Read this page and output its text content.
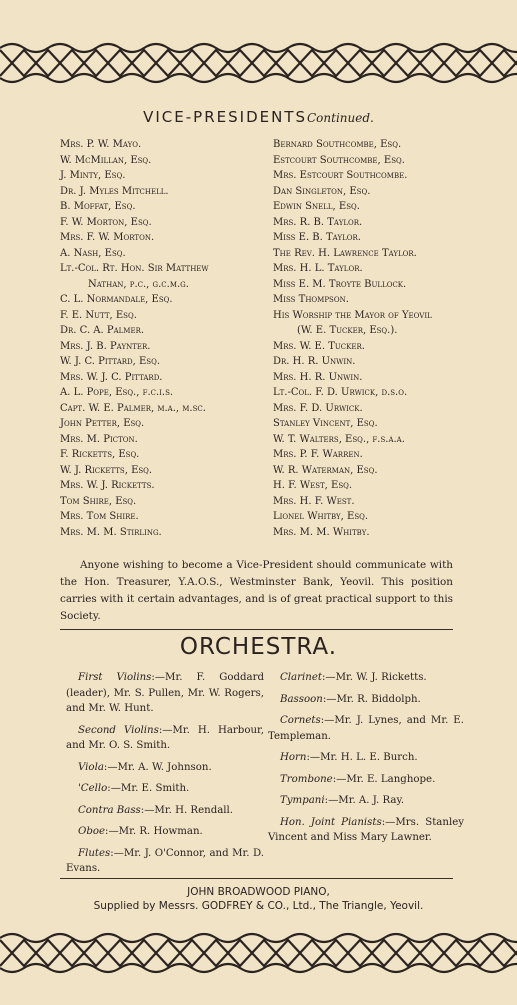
VICE-PRESIDENTSContinued.
Mrs. P. W. Mayo.
W. McMillan, Esq.
J. Minty, Esq.
Dr. J. Myles Mitchell.
B. Moffat, Esq.
F. W. Morton, Esq.
Mrs. F. W. Morton.
A. Nash, Esq.
Lt.-Col. Rt. Hon. Sir Matthew
Nathan, p.c., g.c.m.g.
C. L. Normandale, Esq.
F. E. Nutt, Esq.
Dr. C. A. Palmer.
Mrs. J. B. Paynter.
W. J. C. Pittard, Esq.
Mrs. W. J. C. Pittard.
A. L. Pope, Esq., f.c.i.s.
Capt. W. E. Palmer, m.a., m.sc.
John Petter, Esq.
Mrs. M. Picton.
F. Ricketts, Esq.
W. J. Ricketts, Esq.
Mrs. W. J. Ricketts.
Tom Shire, Esq.
Mrs. Tom Shire.
Mrs. M. M. Stirling.
Bernard Southcombe, Esq.
Estcourt Southcombe, Esq.
Mrs. Estcourt Southcombe.
Dan Singleton, Esq.
Edwin Snell, Esq.
Mrs. R. B. Taylor.
Miss E. B. Taylor.
The Rev. H. Lawrence Taylor.
Mrs. H. L. Taylor.
Miss E. M. Troyte Bullock.
Miss Thompson.
His Worship the Mayor of Yeovil
(W. E. Tucker, Esq.).
Mrs. W. E. Tucker.
Dr. H. R. Unwin.
Mrs. H. R. Unwin.
Lt.-Col. F. D. Urwick, d.s.o.
Mrs. F. D. Urwick.
Stanley Vincent, Esq.
W. T. Walters, Esq., f.s.a.a.
Mrs. P. F. Warren.
W. R. Waterman, Esq.
H. F. West, Esq.
Mrs. H. F. West.
Lionel Whitby, Esq.
Mrs. M. M. Whitby.
Anyone wishing to become a Vice-President should communicate with the Hon. Treasurer, Y.A.O.S., Westminster Bank, Yeovil. This position carries with it certain advantages, and is of great practical support to this Society.
ORCHESTRA.

First Violins:—Mr. F. Goddard (leader), Mr. S. Pullen, Mr. W. Rogers, and Mr. W. Hunt.

Second Violins:—Mr. H. Harbour, and Mr. O. S. Smith.

Viola:—Mr. A. W. Johnson.

'Cello:—Mr. E. Smith.

Contra Bass:—Mr. H. Rendall.

Oboe:—Mr. R. Howman.

Flutes:—Mr. J. O'Connor, and Mr. D. Evans.

Clarinet:—Mr. W. J. Ricketts.

Bassoon:—Mr. R. Biddolph.

Cornets:—Mr. J. Lynes, and Mr. E. Templeman.

Horn:—Mr. H. L. E. Burch.

Trombone:—Mr. E. Langhope.

Tympani:—Mr. A. J. Ray.

Hon. Joint Pianists:—Mrs. Stanley Vincent and Miss Mary Lawner.

JOHN BROADWOOD PIANO,
Supplied by Messrs. GODFREY & CO., Ltd., The Triangle, Yeovil.
